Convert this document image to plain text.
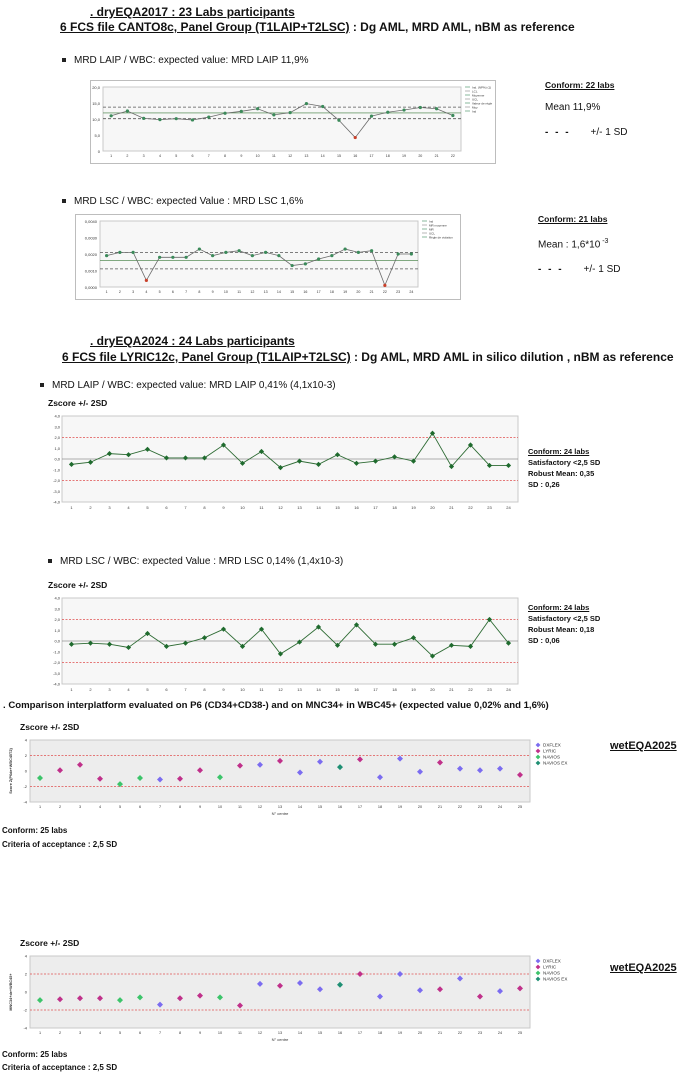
. dryEQA2017 : 23 Labs participants
6 FCS file CANTO8c, Panel Group (T1LAIP+T2LSC) : Dg AML, MRD AML, nBM as reference
MRD LAIP / WBC: expected value: MRD LAIP 11,9%
0
5,0
10,0
15,0
20,0
1	2	3	4	5	6	7	8	9	10	11	12	13	14	15	16	17	18	19	20	21	22
Ind. (NP%) (1)
LCL
Moyenne
UCL
Valeur de règle
Moy
Ind
Conform: 22 labs
Mean 11,9%
- - - +/- 1 SD
MRD LSC / WBC: expected Value : MRD LSC 1,6%
0,0000
0,0010
0,0020
0,0030
0,0040
1	2	3	4	5	6	7	8	9	10	11	12	13	14	15	16	17	18	19	20	21	22	23	24
Ind
MR moyenne
MR
UCL
Règle de violation
Conform: 21 labs
Mean : 1,6*10 $^{-3}$
- - - +/- 1 SD
. dryEQA2024 : 24 Labs participants
6 FCS file LYRIC12c, Panel Group (T1LAIP+T2LSC) : Dg AML, MRD AML in silico dilution , nBM as reference
MRD LAIP / WBC: expected value: MRD LAIP 0,41% (4,1x10-3)
Zscore +/- 2SD
-4,0
-3,0
-2,0
-1,0
0,0
1,0
2,0
3,0
4,0
1	2	3	4	5	6	7	8	9	10	11	12	13	14	15	16	17	18	19	20	21	22	23	24
Conform: 24 labs
Satisfactory <2,5 SD
Robust Mean: 0,35
SD : 0,26
MRD LSC / WBC: expected Value : MRD LSC 0,14% (1,4x10-3)
Zscore +/- 2SD
-4,0
-3,0
-2,0
-1,0
0,0
1,0
2,0
3,0
4,0
1	2	3	4	5	6	7	8	9	10	11	12	13	14	15	16	17	18	19	20	21	22	23	24
Conform: 24 labs
Satisfactory <2,5 SD
Robust Mean: 0,18
SD : 0,06
. Comparison interplatform evaluated on P6 (CD34+CD38-) and on MNC34+ in WBC45+ (expected value 0,02% and 1,6%)
Zscore +/- 2SD
-4
-2
0
2
4
1	2	3	4	5	6	7	8	9	10	11	12	13	14	15	16	17	18	19	20	21	22	23	24	25
N° centre
Score Z(P6de+WBC45T2)
DXFLEX
LYRIC
NAVIOS
NAVIOS EX
wetEQA2025
Conform: 25 labs
Criteria of acceptance : 2,5 SD
Zscore +/- 2SD
-4
-2
0
2
4
1	2	3	4	5	6	7	8	9	10	11	12	13	14	15	16	17	18	19	20	21	22	23	24	25
N° centre
MNC34+de+WBC45+
DXFLEX
LYRIC
NAVIOS
NAVIOS EX
wetEQA2025
Conform: 25 labs
Criteria of acceptance : 2,5 SD
